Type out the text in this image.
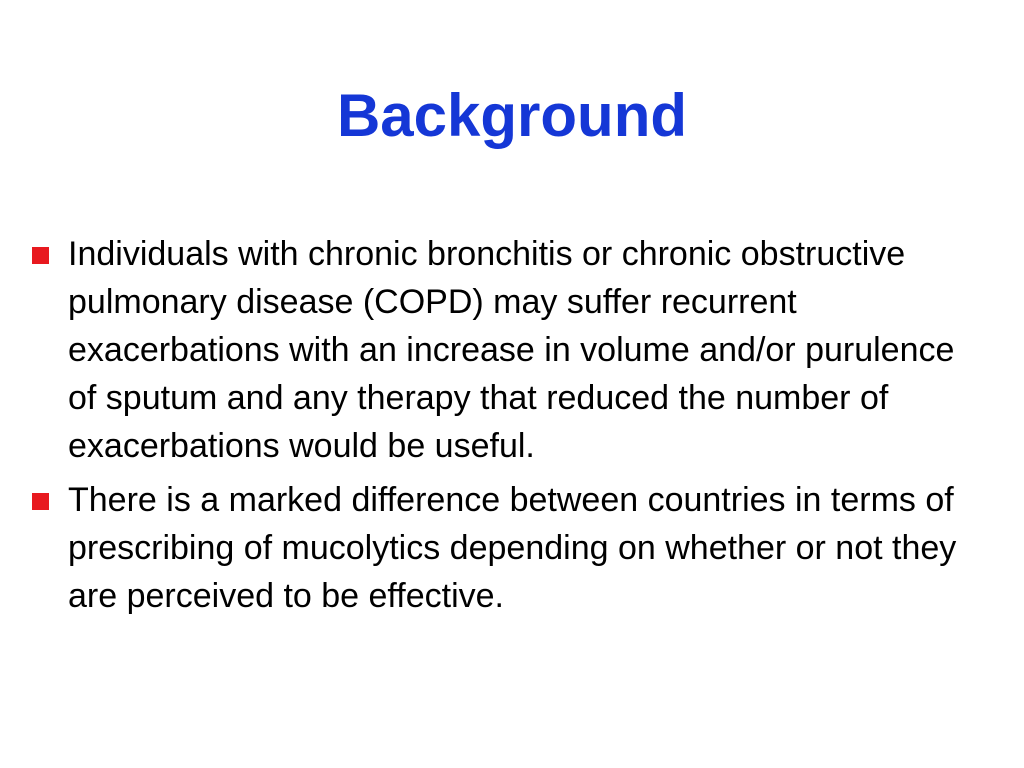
Background
Individuals with chronic bronchitis or chronic obstructive pulmonary disease (COPD) may suffer recurrent exacerbations with an increase in volume and/or purulence of sputum and any therapy that reduced the number of exacerbations would be useful.
There is a marked difference between countries in terms of prescribing of mucolytics depending on whether or not they are perceived to be effective.
